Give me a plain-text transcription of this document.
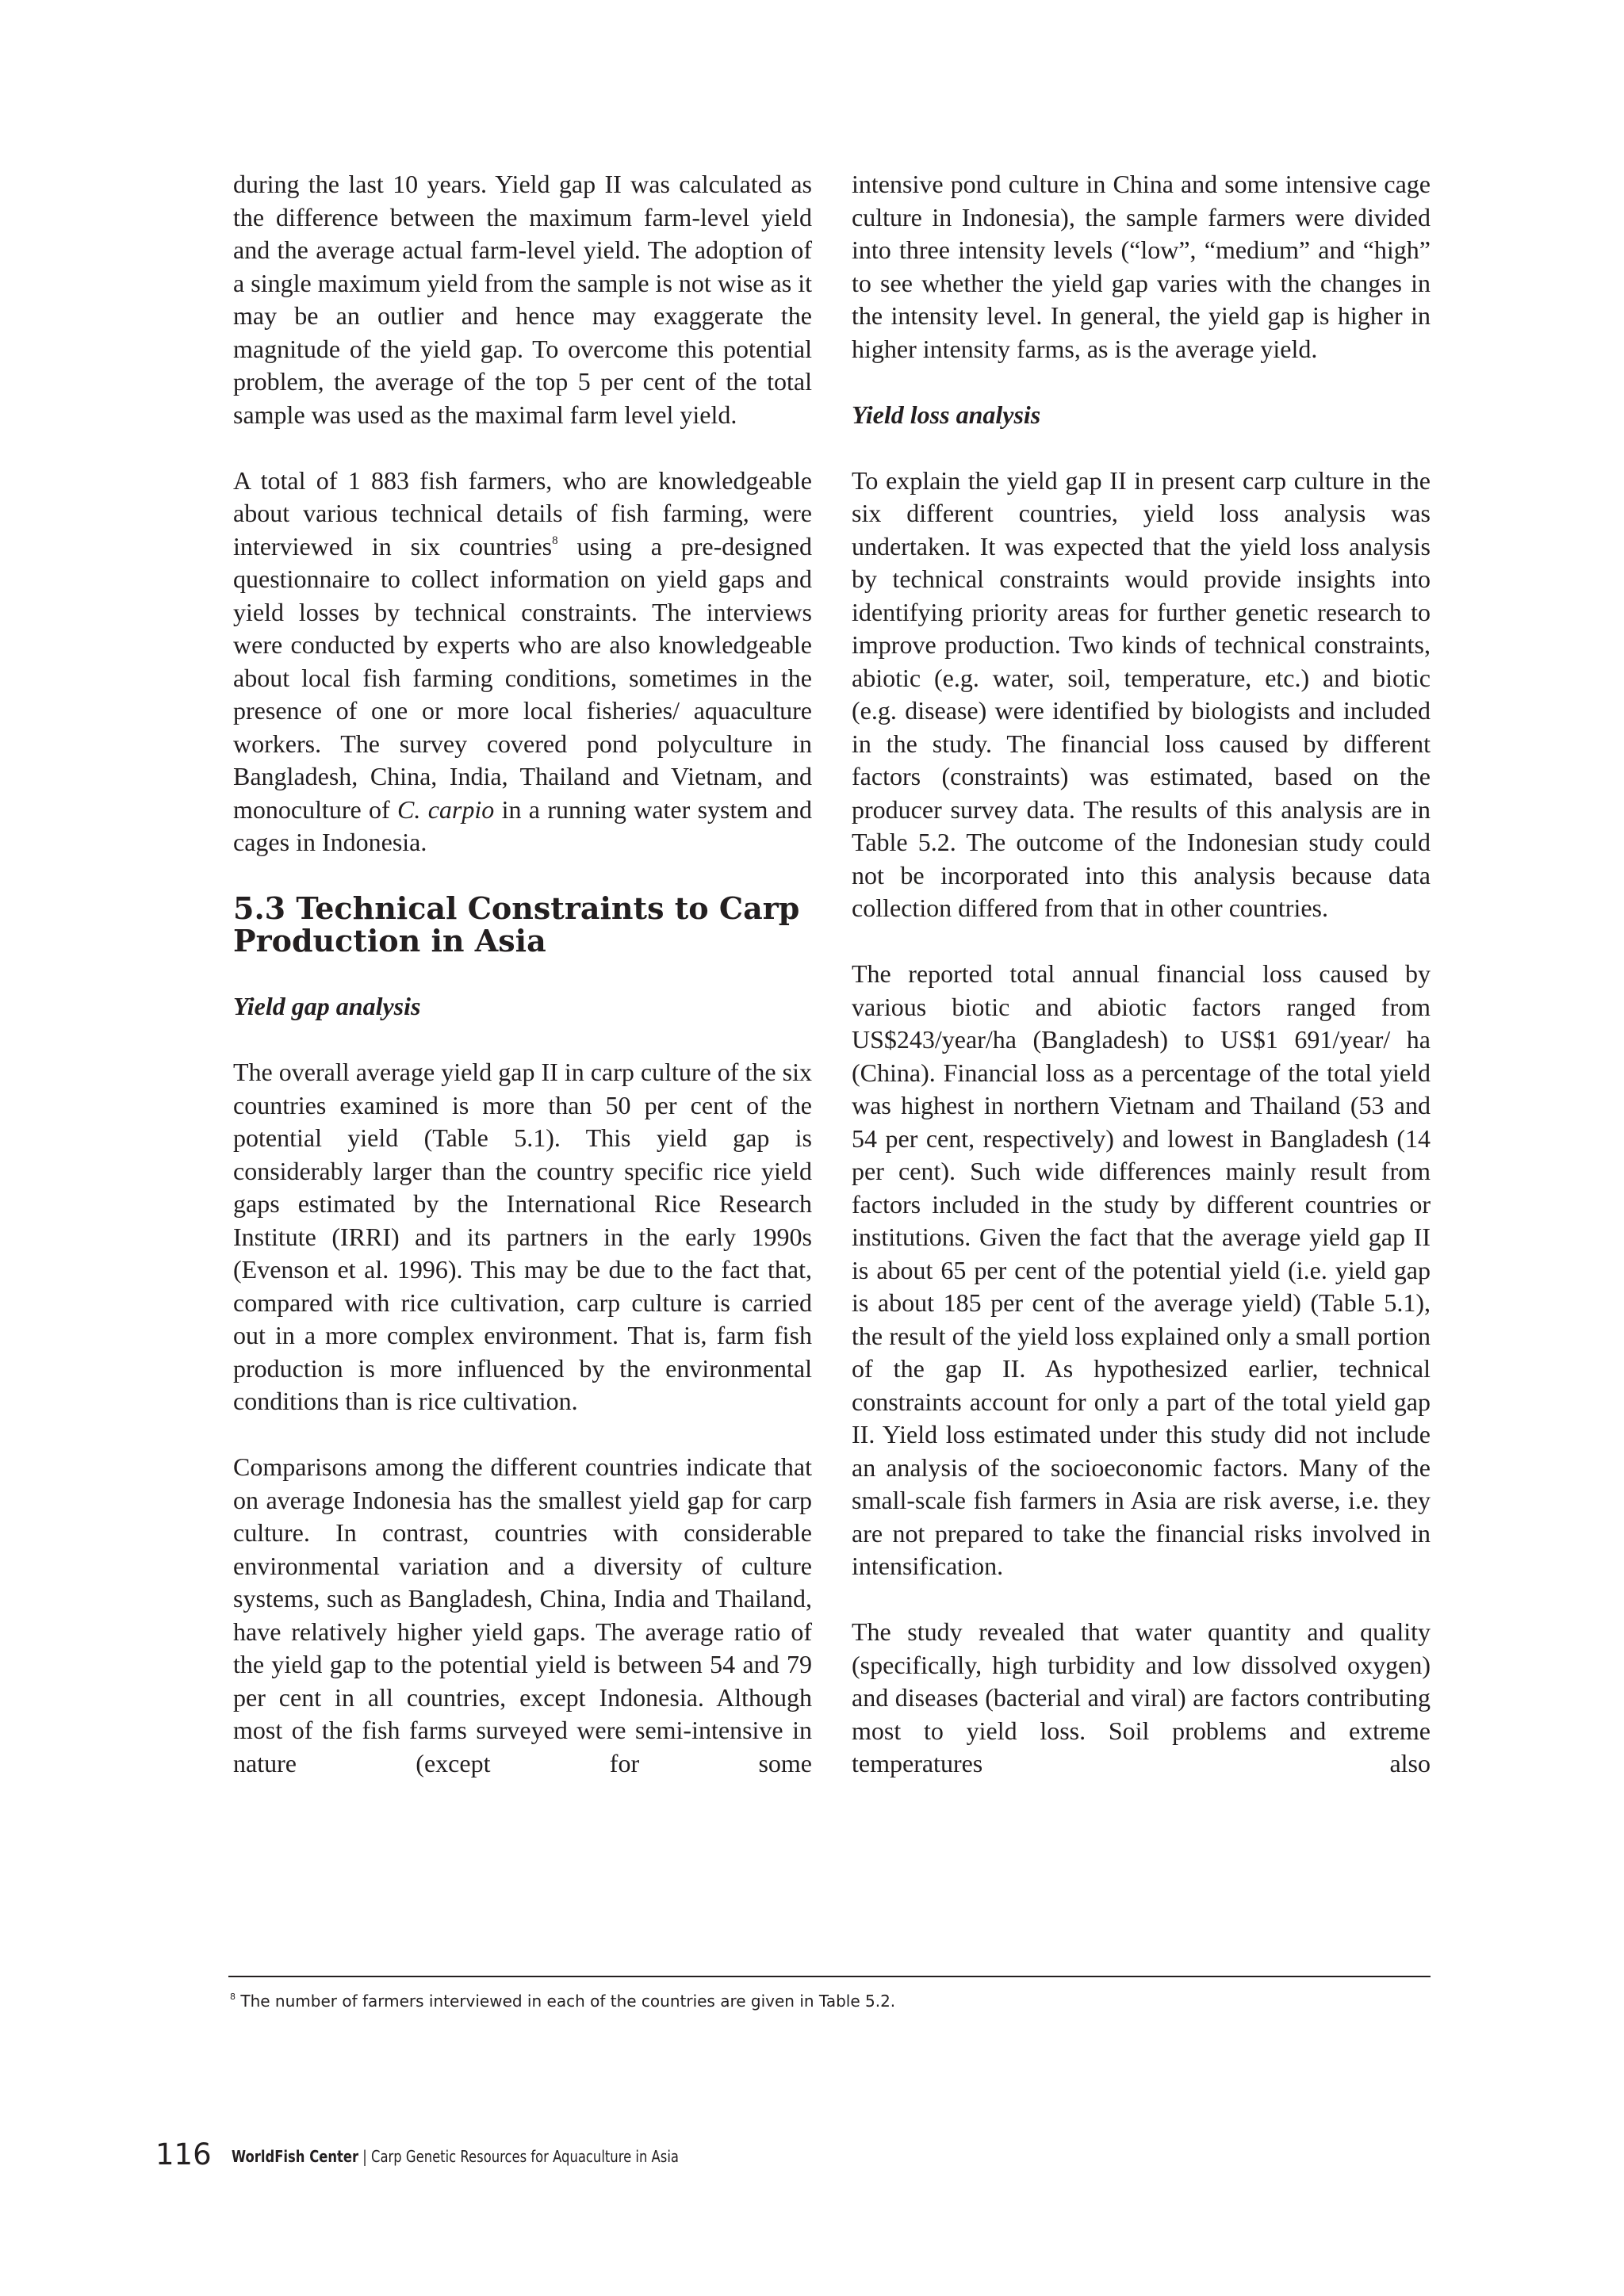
during the last 10 years. Yield gap II was calculated as the difference between the maximum farm-level yield and the average actual farm-level yield. The adoption of a single maximum yield from the sample is not wise as it may be an outlier and hence may exaggerate the magnitude of the yield gap. To overcome this potential problem, the average of the top 5 per cent of the total sample was used as the maximal farm level yield.

A total of 1 883 fish farmers, who are knowledgeable about various technical details of fish farming, were interviewed in six countries$^8$ using a pre-designed questionnaire to collect information on yield gaps and yield losses by technical constraints. The interviews were conducted by experts who are also knowledgeable about local fish farming conditions, sometimes in the presence of one or more local fisheries/ aquaculture workers. The survey covered pond polyculture in Bangladesh, China, India, Thailand and Vietnam, and monoculture of C. carpio in a running water system and cages in Indonesia.

5.3 Technical Constraints to Carp Production in Asia
Yield gap analysis

The overall average yield gap II in carp culture of the six countries examined is more than 50 per cent of the potential yield (Table 5.1). This yield gap is considerably larger than the country specific rice yield gaps estimated by the International Rice Research Institute (IRRI) and its partners in the early 1990s (Evenson et al. 1996). This may be due to the fact that, compared with rice cultivation, carp culture is carried out in a more complex environment. That is, farm fish production is more influenced by the environmental conditions than is rice cultivation.

Comparisons among the different countries indicate that on average Indonesia has the smallest yield gap for carp culture. In contrast, countries with considerable environmental variation and a diversity of culture systems, such as Bangladesh, China, India and Thailand, have relatively higher yield gaps. The average ratio of the yield gap to the potential yield is between 54 and 79 per cent in all countries, except Indonesia. Although most of the fish farms surveyed were semi-intensive in nature (except for some

intensive pond culture in China and some intensive cage culture in Indonesia), the sample farmers were divided into three intensity levels (“low”, “medium” and “high” to see whether the yield gap varies with the changes in the intensity level. In general, the yield gap is higher in higher intensity farms, as is the average yield.

Yield loss analysis

To explain the yield gap II in present carp culture in the six different countries, yield loss analysis was undertaken. It was expected that the yield loss analysis by technical constraints would provide insights into identifying priority areas for further genetic research to improve production. Two kinds of technical constraints, abiotic (e.g. water, soil, temperature, etc.) and biotic (e.g. disease) were identified by biologists and included in the study. The financial loss caused by different factors (constraints) was estimated, based on the producer survey data. The results of this analysis are in Table 5.2. The outcome of the Indonesian study could not be incorporated into this analysis because data collection differed from that in other countries.

The reported total annual financial loss caused by various biotic and abiotic factors ranged from US$243/year/ha (Bangladesh) to US$1 691/year/ ha (China). Financial loss as a percentage of the total yield was highest in northern Vietnam and Thailand (53 and 54 per cent, respectively) and lowest in Bangladesh (14 per cent). Such wide differences mainly result from factors included in the study by different countries or institutions. Given the fact that the average yield gap II is about 65 per cent of the potential yield (i.e. yield gap is about 185 per cent of the average yield) (Table 5.1), the result of the yield loss explained only a small portion of the gap II. As hypothesized earlier, technical constraints account for only a part of the total yield gap II. Yield loss estimated under this study did not include an analysis of the socioeconomic factors. Many of the small-scale fish farmers in Asia are risk averse, i.e. they are not prepared to take the financial risks involved in intensification.

The study revealed that water quantity and quality (specifically, high turbidity and low dissolved oxygen) and diseases (bacterial and viral) are factors contributing most to yield loss. Soil problems and extreme temperatures also

$^8$ The number of farmers interviewed in each of the countries are given in Table 5.2.
116 WorldFish Center | Carp Genetic Resources for Aquaculture in Asia
